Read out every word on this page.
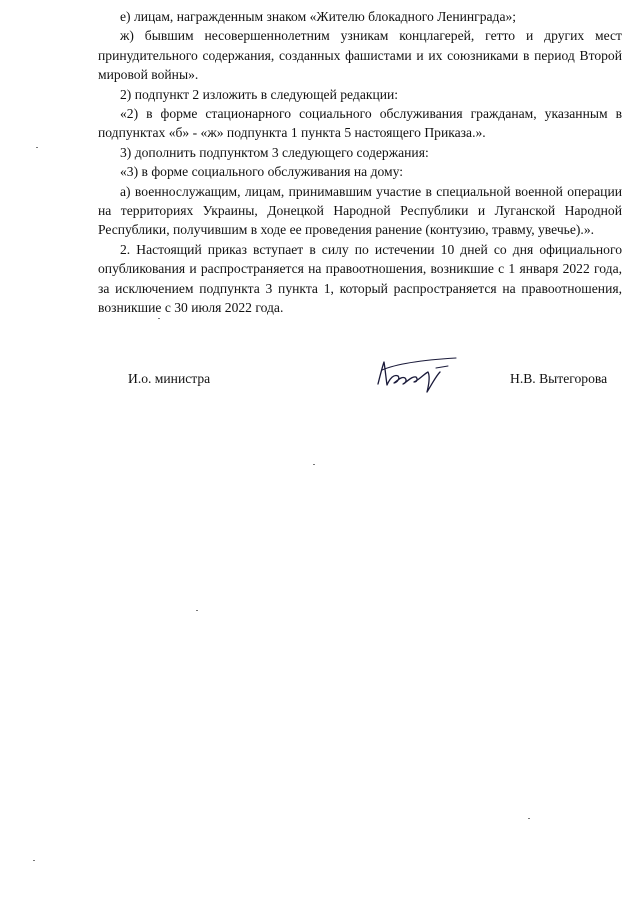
е) лицам, награжденным знаком «Жителю блокадного Ленинграда»;

ж) бывшим несовершеннолетним узникам концлагерей, гетто и других мест принудительного содержания, созданных фашистами и их союзниками в период Второй мировой войны».

2) подпункт 2 изложить в следующей редакции:

«2) в форме стационарного социального обслуживания гражданам, указанным в подпунктах «б» - «ж» подпункта 1 пункта 5 настоящего Приказа.».

3) дополнить подпунктом 3 следующего содержания:

«3) в форме социального обслуживания на дому:

а) военнослужащим, лицам, принимавшим участие в специальной военной операции на территориях Украины, Донецкой Народной Республики и Луганской Народной Республики, получившим в ходе ее проведения ранение (контузию, травму, увечье).».

2. Настоящий приказ вступает в силу по истечении 10 дней со дня официального опубликования и распространяется на правоотношения, возникшие с 1 января 2022 года, за исключением подпункта 3 пункта 1, который распространяется на правоотношения, возникшие с 30 июля 2022 года.

И.о. министра	Н.В. Вытегорова
